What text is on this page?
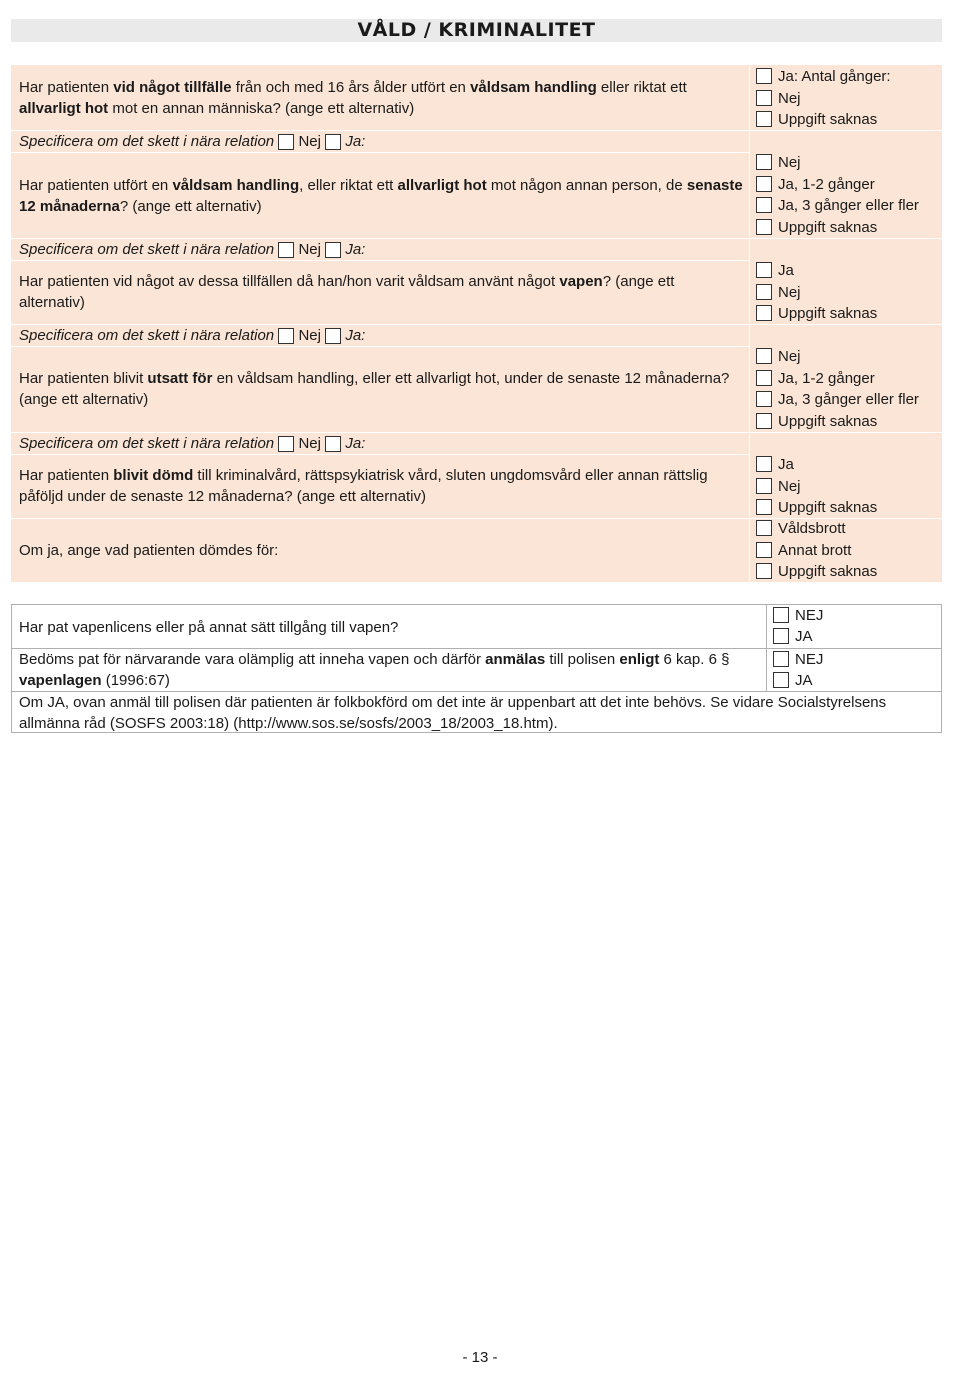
VÅLD / KRIMINALITET
Har patienten vid något tillfälle från och med 16 års ålder utfört en våldsam handling eller riktat ett allvarligt hot mot en annan människa? (ange ett alternativ)
Har patienten utfört en våldsam handling, eller riktat ett allvarligt hot mot någon annan person, de senaste 12 månaderna? (ange ett alternativ)
Har patienten vid något av dessa tillfällen då han/hon varit våldsam använt något vapen? (ange ett alternativ)
Har patienten blivit utsatt för en våldsam handling, eller ett allvarligt hot, under de senaste 12 månaderna? (ange ett alternativ)
Har patienten blivit dömd till kriminalvård, rättspsykiatrisk vård, sluten ungdomsvård eller annan rättslig påföljd under de senaste 12 månaderna? (ange ett alternativ)
Om ja, ange vad patienten dömdes för:
Specificera om det skett i nära relation Nej Ja:
Specificera om det skett i nära relation Nej Ja:
Specificera om det skett i nära relation Nej Ja:
Specificera om det skett i nära relation Nej Ja:
Ja: Antal gånger:
Nej
Uppgift saknas
Nej
Ja, 1-2 gånger
Ja, 3 gånger eller fler
Uppgift saknas
Ja
Nej
Uppgift saknas
Nej
Ja, 1-2 gånger
Ja, 3 gånger eller fler
Uppgift saknas
Ja
Nej
Uppgift saknas
Våldsbrott
Annat brott
Uppgift saknas
Har pat vapenlicens eller på annat sätt tillgång till vapen?
Bedöms pat för närvarande vara olämplig att inneha vapen och därför anmälas till polisen enligt 6 kap. 6 § vapenlagen (1996:67)
Om JA, ovan anmäl till polisen där patienten är folkbokförd om det inte är uppenbart att det inte behövs. Se vidare Socialstyrelsens allmänna råd (SOSFS 2003:18) (http://www.sos.se/sosfs/2003_18/2003_18.htm).
NEJ
JA
NEJ
JA
- 13 -
